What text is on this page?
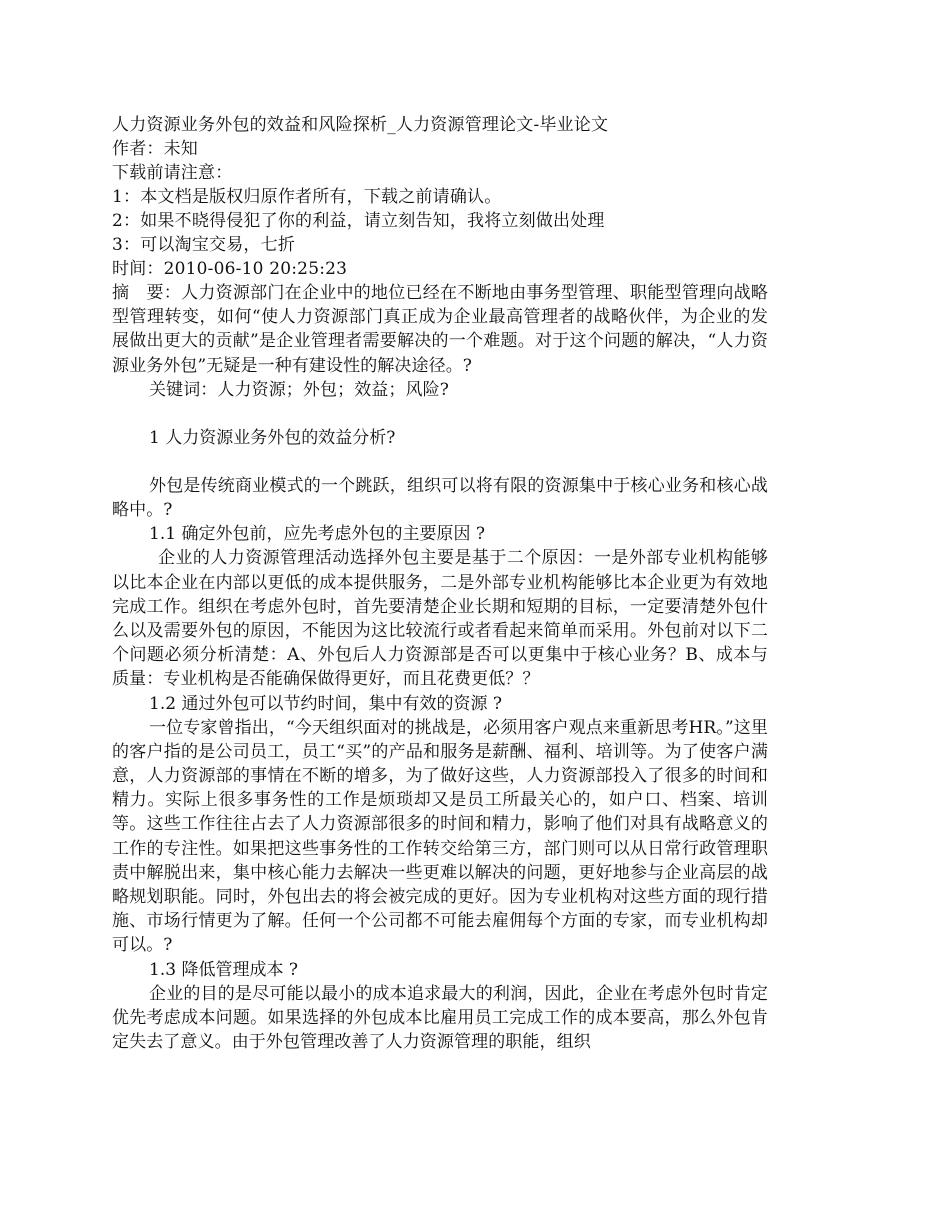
人力资源业务外包的效益和风险探析_人力资源管理论文-毕业论文
作者：未知
下载前请注意：
1：本文档是版权归原作者所有，下载之前请确认。
2：如果不晓得侵犯了你的利益，请立刻告知，我将立刻做出处理
3：可以淘宝交易，七折
时间：2010-06-10 20:25:23
摘　要：人力资源部门在企业中的地位已经在不断地由事务型管理、职能型管理向战略型管理转变，如何“使人力资源部门真正成为企业最高管理者的战略伙伴，为企业的发展做出更大的贡献”是企业管理者需要解决的一个难题。对于这个问题的解决，“人力资源业务外包”无疑是一种有建设性的解决途径。?
关键词：人力资源；外包；效益；风险?
1 人力资源业务外包的效益分析?
外包是传统商业模式的一个跳跃，组织可以将有限的资源集中于核心业务和核心战略中。?
1.1 确定外包前，应先考虑外包的主要原因 ?
企业的人力资源管理活动选择外包主要是基于二个原因：一是外部专业机构能够以比本企业在内部以更低的成本提供服务，二是外部专业机构能够比本企业更为有效地完成工作。组织在考虑外包时，首先要清楚企业长期和短期的目标，一定要清楚外包什么以及需要外包的原因，不能因为这比较流行或者看起来简单而采用。外包前对以下二个问题必须分析清楚：A、外包后人力资源部是否可以更集中于核心业务？B、成本与质量：专业机构是否能确保做得更好，而且花费更低？？
1.2 通过外包可以节约时间，集中有效的资源 ?
一位专家曾指出，“今天组织面对的挑战是，必须用客户观点来重新思考HR。”这里的客户指的是公司员工，员工“买”的产品和服务是薪酬、福利、培训等。为了使客户满意，人力资源部的事情在不断的增多，为了做好这些，人力资源部投入了很多的时间和精力。实际上很多事务性的工作是烦琐却又是员工所最关心的，如户口、档案、培训等。这些工作往往占去了人力资源部很多的时间和精力，影响了他们对具有战略意义的工作的专注性。如果把这些事务性的工作转交给第三方，部门则可以从日常行政管理职责中解脱出来，集中核心能力去解决一些更难以解决的问题，更好地参与企业高层的战略规划职能。同时，外包出去的将会被完成的更好。因为专业机构对这些方面的现行措施、市场行情更为了解。任何一个公司都不可能去雇佣每个方面的专家，而专业机构却可以。?
1.3 降低管理成本 ?
企业的目的是尽可能以最小的成本追求最大的利润，因此，企业在考虑外包时肯定优先考虑成本问题。如果选择的外包成本比雇用员工完成工作的成本要高，那么外包肯定失去了意义。由于外包管理改善了人力资源管理的职能，组织
